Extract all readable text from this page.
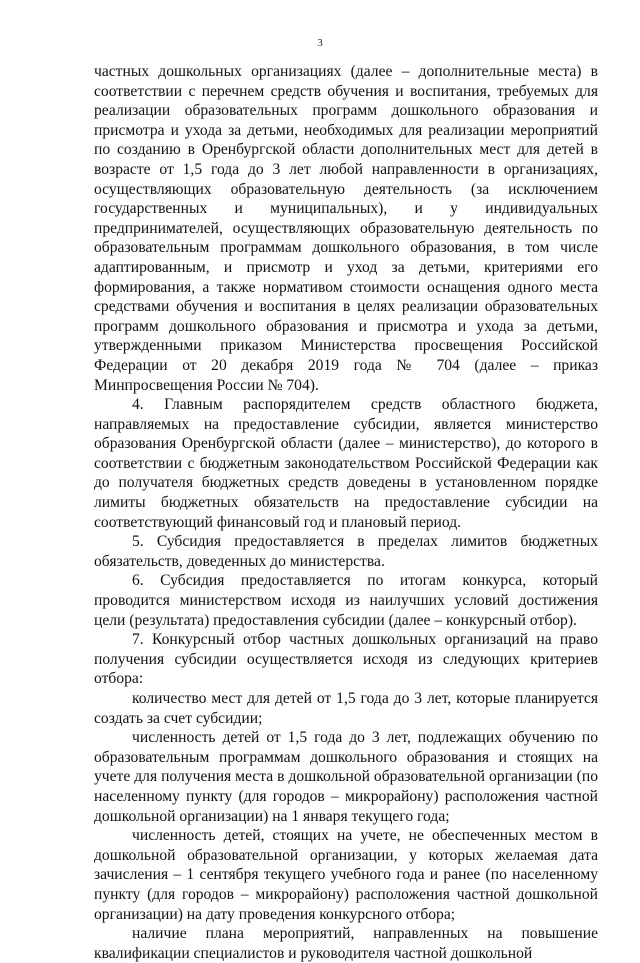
3

частных дошкольных организациях (далее – дополнительные места) в соответствии с перечнем средств обучения и воспитания, требуемых для реализации образовательных программ дошкольного образования и присмотра и ухода за детьми, необходимых для реализации мероприятий по созданию в Оренбургской области дополнительных мест для детей в возрасте от 1,5 года до 3 лет любой направленности в организациях, осуществляющих образовательную деятельность (за исключением государственных и муниципальных), и у индивидуальных предпринимателей, осуществляющих образовательную деятельность по образовательным программам дошкольного образования, в том числе адаптированным, и присмотр и уход за детьми, критериями его формирования, а также нормативом стоимости оснащения одного места средствами обучения и воспитания в целях реализации образовательных программ дошкольного образования и присмотра и ухода за детьми, утвержденными приказом Министерства просвещения Российской Федерации от 20 декабря 2019 года № 704 (далее – приказ Минпросвещения России № 704).

4. Главным распорядителем средств областного бюджета, направляемых на предоставление субсидии, является министерство образования Оренбургской области (далее – министерство), до которого в соответствии с бюджетным законодательством Российской Федерации как до получателя бюджетных средств доведены в установленном порядке лимиты бюджетных обязательств на предоставление субсидии на соответствующий финансовый год и плановый период.

5. Субсидия предоставляется в пределах лимитов бюджетных обязательств, доведенных до министерства.

6. Субсидия предоставляется по итогам конкурса, который проводится министерством исходя из наилучших условий достижения цели (результата) предоставления субсидии (далее – конкурсный отбор).

7. Конкурсный отбор частных дошкольных организаций на право получения субсидии осуществляется исходя из следующих критериев отбора:

количество мест для детей от 1,5 года до 3 лет, которые планируется создать за счет субсидии;

численность детей от 1,5 года до 3 лет, подлежащих обучению по образовательным программам дошкольного образования и стоящих на учете для получения места в дошкольной образовательной организации (по населенному пункту (для городов – микрорайону) расположения частной дошкольной организации) на 1 января текущего года;

численность детей, стоящих на учете, не обеспеченных местом в дошкольной образовательной организации, у которых желаемая дата зачисления – 1 сентября текущего учебного года и ранее (по населенному пункту (для городов – микрорайону) расположения частной дошкольной организации) на дату проведения конкурсного отбора;

наличие плана мероприятий, направленных на повышение квалификации специалистов и руководителя частной дошкольной
